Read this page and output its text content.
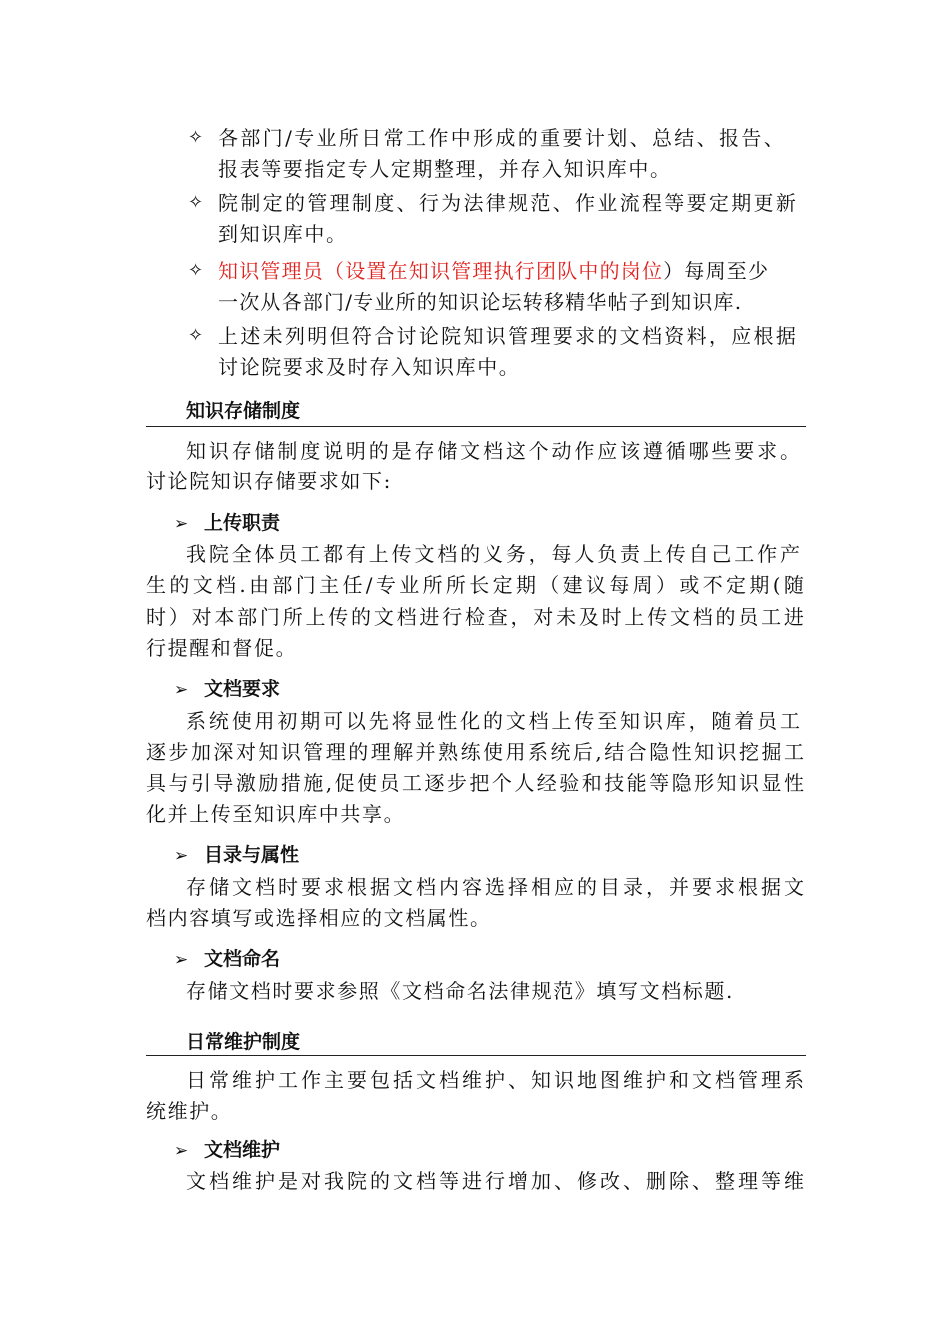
✧ 各 部 门 / 专 业 所 日 常 工 作 中 形 成 的 重 要 计 划 、 总 结 、 报 告 、
报表等要指定专人定期整理，并存入知识库中。
✧ 院 制 定 的 管 理 制 度 、 行 为 法 律 规 范 、 作 业 流 程 等 要 定 期 更 新
到知识库中。
✧ 知识管理员（设置在知识管理执行团队中的岗位）每周至少
一次从各部门/专业所的知识论坛转移精华帖子到知识库.
✧ 上 述 未 列 明 但 符 合 讨 论 院 知 识 管 理 要 求 的 文 档 资 料 ， 应 根 据
讨论院要求及时存入知识库中。
知识存储制度
知 识 存 储 制 度 说 明 的 是 存 储 文 档 这 个 动 作 应 该 遵 循 哪 些 要 求 。
讨论院知识存储要求如下:
➢ 上传职责
我 院 全 体 员 工 都 有 上 传 文 档 的 义 务 ， 每 人 负 责 上 传 自 己 工 作 产
生 的 文 档 . 由 部 门 主 任 / 专 业 所 所 长 定 期 （ 建 议 每 周 ） 或 不 定 期 ( 随
时 ） 对 本 部 门 所 上 传 的 文 档 进 行 检 查 ， 对 未 及 时 上 传 文 档 的 员 工 进
行提醒和督促。
➢ 文档要求
系 统 使 用 初 期 可 以 先 将 显 性 化 的 文 档 上 传 至 知 识 库 ， 随 着 员 工
逐 步 加 深 对 知 识 管 理 的 理 解 并 熟 练 使 用 系 统 后 , 结 合 隐 性 知 识 挖 掘 工
具 与 引 导 激 励 措 施 , 促 使 员 工 逐 步 把 个 人 经 验 和 技 能 等 隐 形 知 识 显 性
化并上传至知识库中共享。
➢ 目录与属性
存 储 文 档 时 要 求 根 据 文 档 内 容 选 择 相 应 的 目 录 ， 并 要 求 根 据 文
档内容填写或选择相应的文档属性。
➢ 文档命名
存储文档时要求参照《文档命名法律规范》填写文档标题.
日常维护制度
日 常 维 护 工 作 主 要 包 括 文 档 维 护 、 知 识 地 图 维 护 和 文 档 管 理 系
统维护。
➢ 文档维护
文 档 维 护 是 对 我 院 的 文 档 等 进 行 增 加 、 修 改 、 删 除 、 整 理 等 维
